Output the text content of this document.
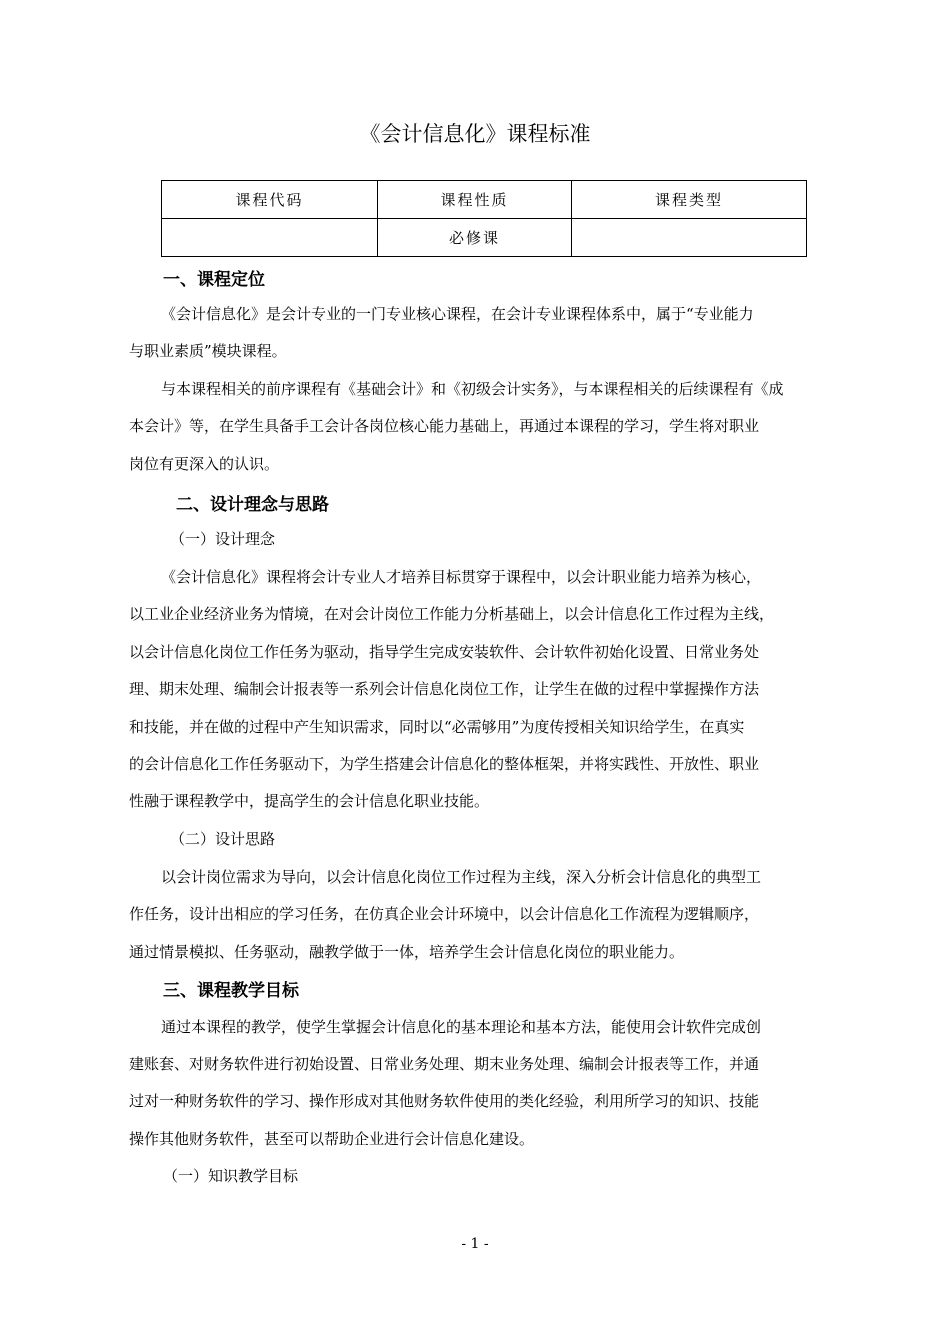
《会计信息化》课程标准
课程代码	课程性质	课程类型
	必修课	
一、课程定位
《会计信息化》是会计专业的一门专业核心课程，在会计专业课程体系中，属于“专业能力
与职业素质”模块课程。
与本课程相关的前序课程有《基础会计》和《初级会计实务》，与本课程相关的后续课程有《成
本会计》等，在学生具备手工会计各岗位核心能力基础上，再通过本课程的学习，学生将对职业
岗位有更深入的认识。
二、设计理念与思路
（一）设计理念
《会计信息化》课程将会计专业人才培养目标贯穿于课程中，以会计职业能力培养为核心，
以工业企业经济业务为情境，在对会计岗位工作能力分析基础上，以会计信息化工作过程为主线，
以会计信息化岗位工作任务为驱动，指导学生完成安装软件、会计软件初始化设置、日常业务处
理、期末处理、编制会计报表等一系列会计信息化岗位工作，让学生在做的过程中掌握操作方法
和技能，并在做的过程中产生知识需求，同时以“必需够用”为度传授相关知识给学生，在真实
的会计信息化工作任务驱动下，为学生搭建会计信息化的整体框架，并将实践性、开放性、职业
性融于课程教学中，提高学生的会计信息化职业技能。
（二）设计思路
以会计岗位需求为导向，以会计信息化岗位工作过程为主线，深入分析会计信息化的典型工
作任务，设计出相应的学习任务，在仿真企业会计环境中，以会计信息化工作流程为逻辑顺序，
通过情景模拟、任务驱动，融教学做于一体，培养学生会计信息化岗位的职业能力。
三、课程教学目标
通过本课程的教学，使学生掌握会计信息化的基本理论和基本方法，能使用会计软件完成创
建账套、对财务软件进行初始设置、日常业务处理、期末业务处理、编制会计报表等工作，并通
过对一种财务软件的学习、操作形成对其他财务软件使用的类化经验，利用所学习的知识、技能
操作其他财务软件，甚至可以帮助企业进行会计信息化建设。
（一）知识教学目标
- 1 -
